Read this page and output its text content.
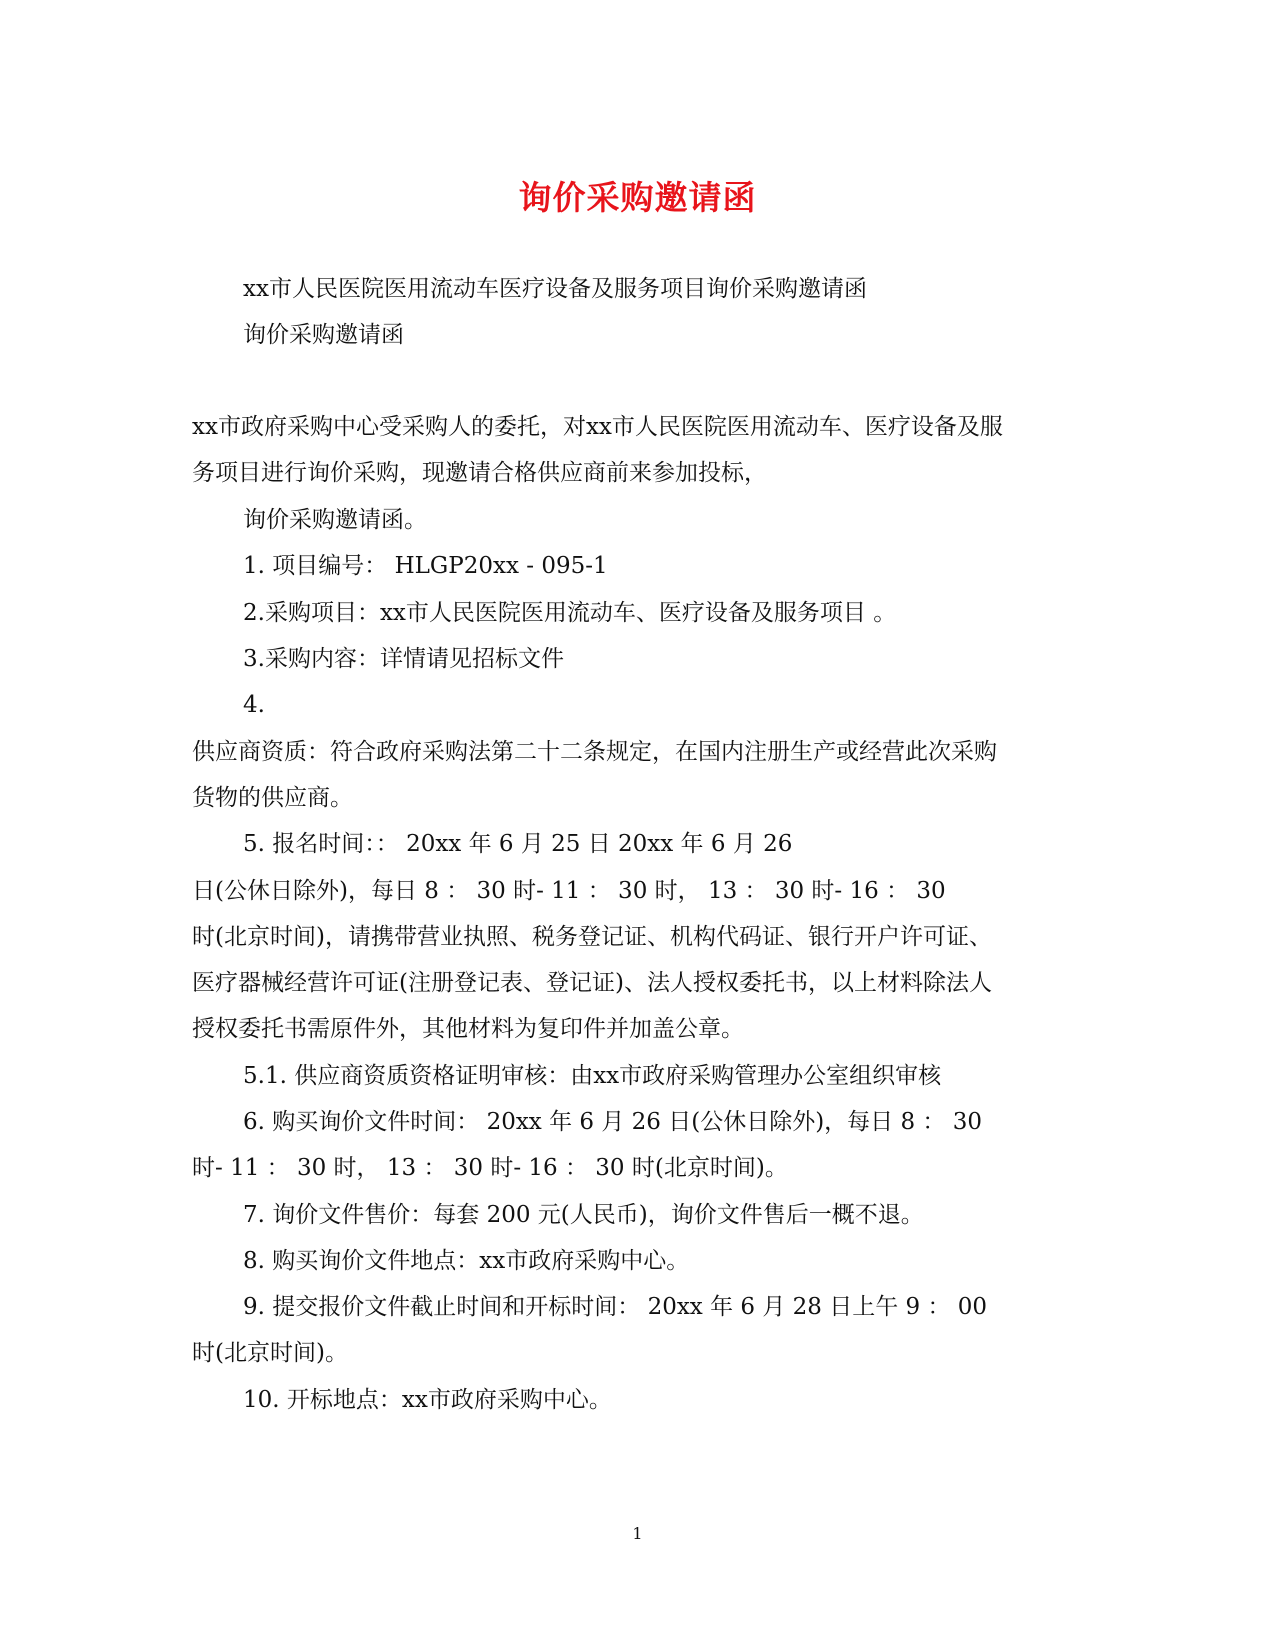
询价采购邀请函
xx市人民医院医用流动车医疗设备及服务项目询价采购邀请函
询价采购邀请函
xx市政府采购中心受采购人的委托，对xx市人民医院医用流动车、医疗设备及服
务项目进行询价采购，现邀请合格供应商前来参加投标，
询价采购邀请函。
1. 项目编号： HLGP20xx - 095-1
2.采购项目：xx市人民医院医用流动车、医疗设备及服务项目 。
3.采购内容：详情请见招标文件
4.
供应商资质：符合政府采购法第二十二条规定，在国内注册生产或经营此次采购
货物的供应商。
5. 报名时间：： 20xx 年 6 月 25 日 20xx 年 6 月 26
日(公休日除外)，每日 8 ： 30 时- 11 ： 30 时， 13 ： 30 时- 16 ： 30
时(北京时间)，请携带营业执照、税务登记证、机构代码证、银行开户许可证、
医疗器械经营许可证(注册登记表、登记证)、法人授权委托书，以上材料除法人
授权委托书需原件外，其他材料为复印件并加盖公章。
5.1. 供应商资质资格证明审核：由xx市政府采购管理办公室组织审核
6. 购买询价文件时间： 20xx 年 6 月 26 日(公休日除外)，每日 8 ： 30
时- 11 ： 30 时， 13 ： 30 时- 16 ： 30 时(北京时间)。
7. 询价文件售价：每套 200 元(人民币)，询价文件售后一概不退。
8. 购买询价文件地点：xx市政府采购中心。
9. 提交报价文件截止时间和开标时间： 20xx 年 6 月 28 日上午 9 ： 00
时(北京时间)。
10. 开标地点：xx市政府采购中心。
1
